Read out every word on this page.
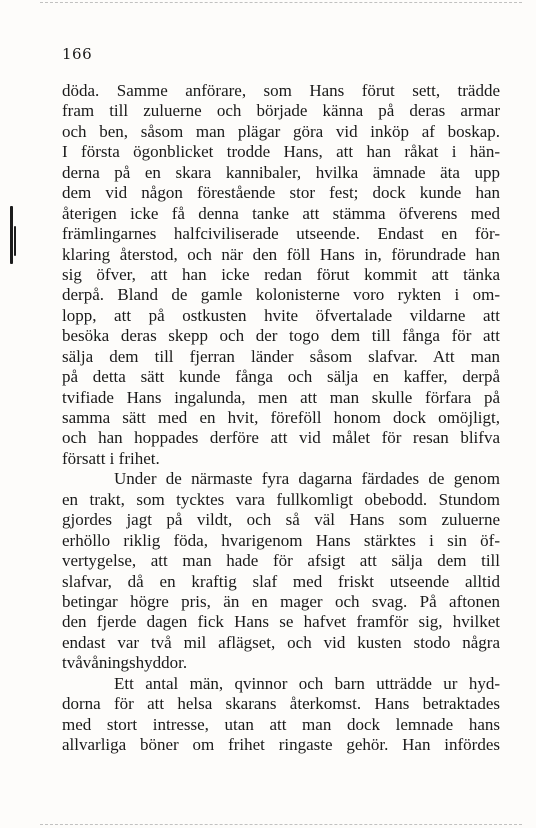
166
döda. Samme anförare, som Hans förut sett, trädde
fram till zuluerne och började känna på deras armar
och ben, såsom man plägar göra vid inköp af boskap.
I första ögonblicket trodde Hans, att han råkat i hän-
derna på en skara kannibaler, hvilka ämnade äta upp
dem vid någon förestående stor fest; dock kunde han
återigen icke få denna tanke att stämma öfverens med
främlingarnes halfciviliserade utseende. Endast en för-
klaring återstod, och när den föll Hans in, förundrade han
sig öfver, att han icke redan förut kommit att tänka
derpå. Bland de gamle kolonisterne voro rykten i om-
lopp, att på ostkusten hvite öfvertalade vildarne att
besöka deras skepp och der togo dem till fånga för att
sälja dem till fjerran länder såsom slafvar. Att man
på detta sätt kunde fånga och sälja en kaffer, derpå
tvifiade Hans ingalunda, men att man skulle förfara på
samma sätt med en hvit, föreföll honom dock omöjligt,
och han hoppades derföre att vid målet för resan blifva
försatt i frihet.
Under de närmaste fyra dagarna färdades de genom
en trakt, som tycktes vara fullkomligt obebodd. Stundom
gjordes jagt på vildt, och så väl Hans som zuluerne
erhöllo riklig föda, hvarigenom Hans stärktes i sin öf-
vertygelse, att man hade för afsigt att sälja dem till
slafvar, då en kraftig slaf med friskt utseende alltid
betingar högre pris, än en mager och svag. På aftonen
den fjerde dagen fick Hans se hafvet framför sig, hvilket
endast var två mil aflägset, och vid kusten stodo några
tvåvåningshyddor.
Ett antal män, qvinnor och barn utträdde ur hyd-
dorna för att helsa skarans återkomst. Hans betraktades
med stort intresse, utan att man dock lemnade hans
allvarliga böner om frihet ringaste gehör. Han infördes
